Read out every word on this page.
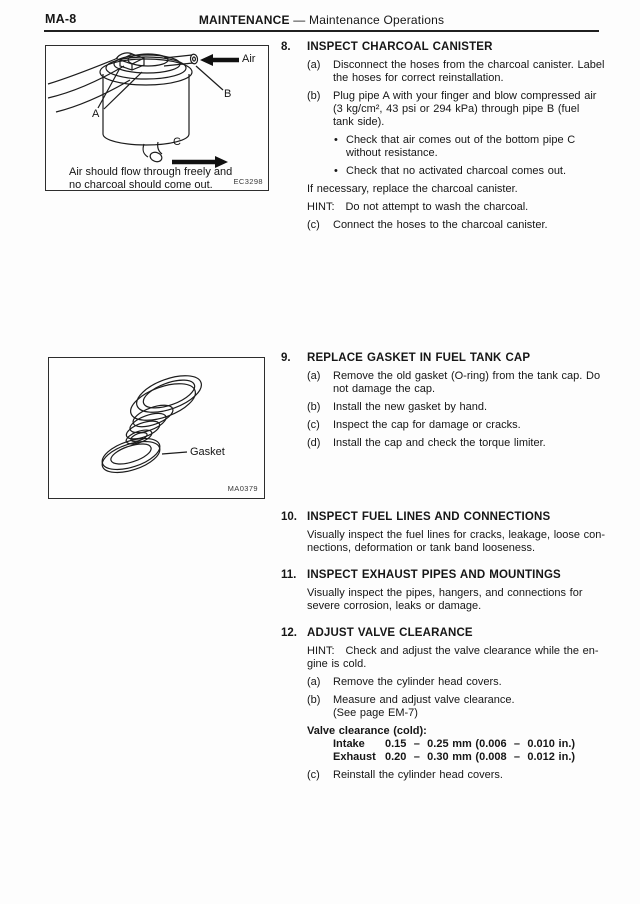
MA-8	MAINTENANCE — Maintenance Operations
Air
B
A
C
Air should flow through freely and
no charcoal should come out.	EC3298
Gasket
MA0379
8.	INSPECT CHARCOAL CANISTER
(a)	Disconnect the hoses from the charcoal canister. Label
the hoses for correct reinstallation.
(b)	Plug pipe A with your finger and blow compressed air
(3 kg/cm², 43 psi or 294 kPa) through pipe B (fuel
tank side).
• Check that air comes out of the bottom pipe C
without resistance.
• Check that no activated charcoal comes out.
If necessary, replace the charcoal canister.
HINT:   Do not attempt to wash the charcoal.
(c)	Connect the hoses to the charcoal canister.
9.	REPLACE GASKET IN FUEL TANK CAP
(a)	Remove the old gasket (O-ring) from the tank cap. Do
not damage the cap.
(b)	Install the new gasket by hand.
(c)	Inspect the cap for damage or cracks.
(d)	Install the cap and check the torque limiter.
10. INSPECT FUEL LINES AND CONNECTIONS
Visually inspect the fuel lines for cracks, leakage, loose con-
nections, deformation or tank band looseness.
11. INSPECT EXHAUST PIPES AND MOUNTINGS
Visually inspect the pipes, hangers, and connections for
severe corrosion, leaks or damage.
12. ADJUST VALVE CLEARANCE
HINT:   Check and adjust the valve clearance while the en-
gine is cold.
(a)	Remove the cylinder head covers.
(b)	Measure and adjust valve clearance.
(See page EM-7)
Valve clearance (cold):
Intake	0.15  –  0.25 mm (0.006  –  0.010 in.)
Exhaust 0.20  –  0.30 mm (0.008  –  0.012 in.)
(c)	Reinstall the cylinder head covers.
